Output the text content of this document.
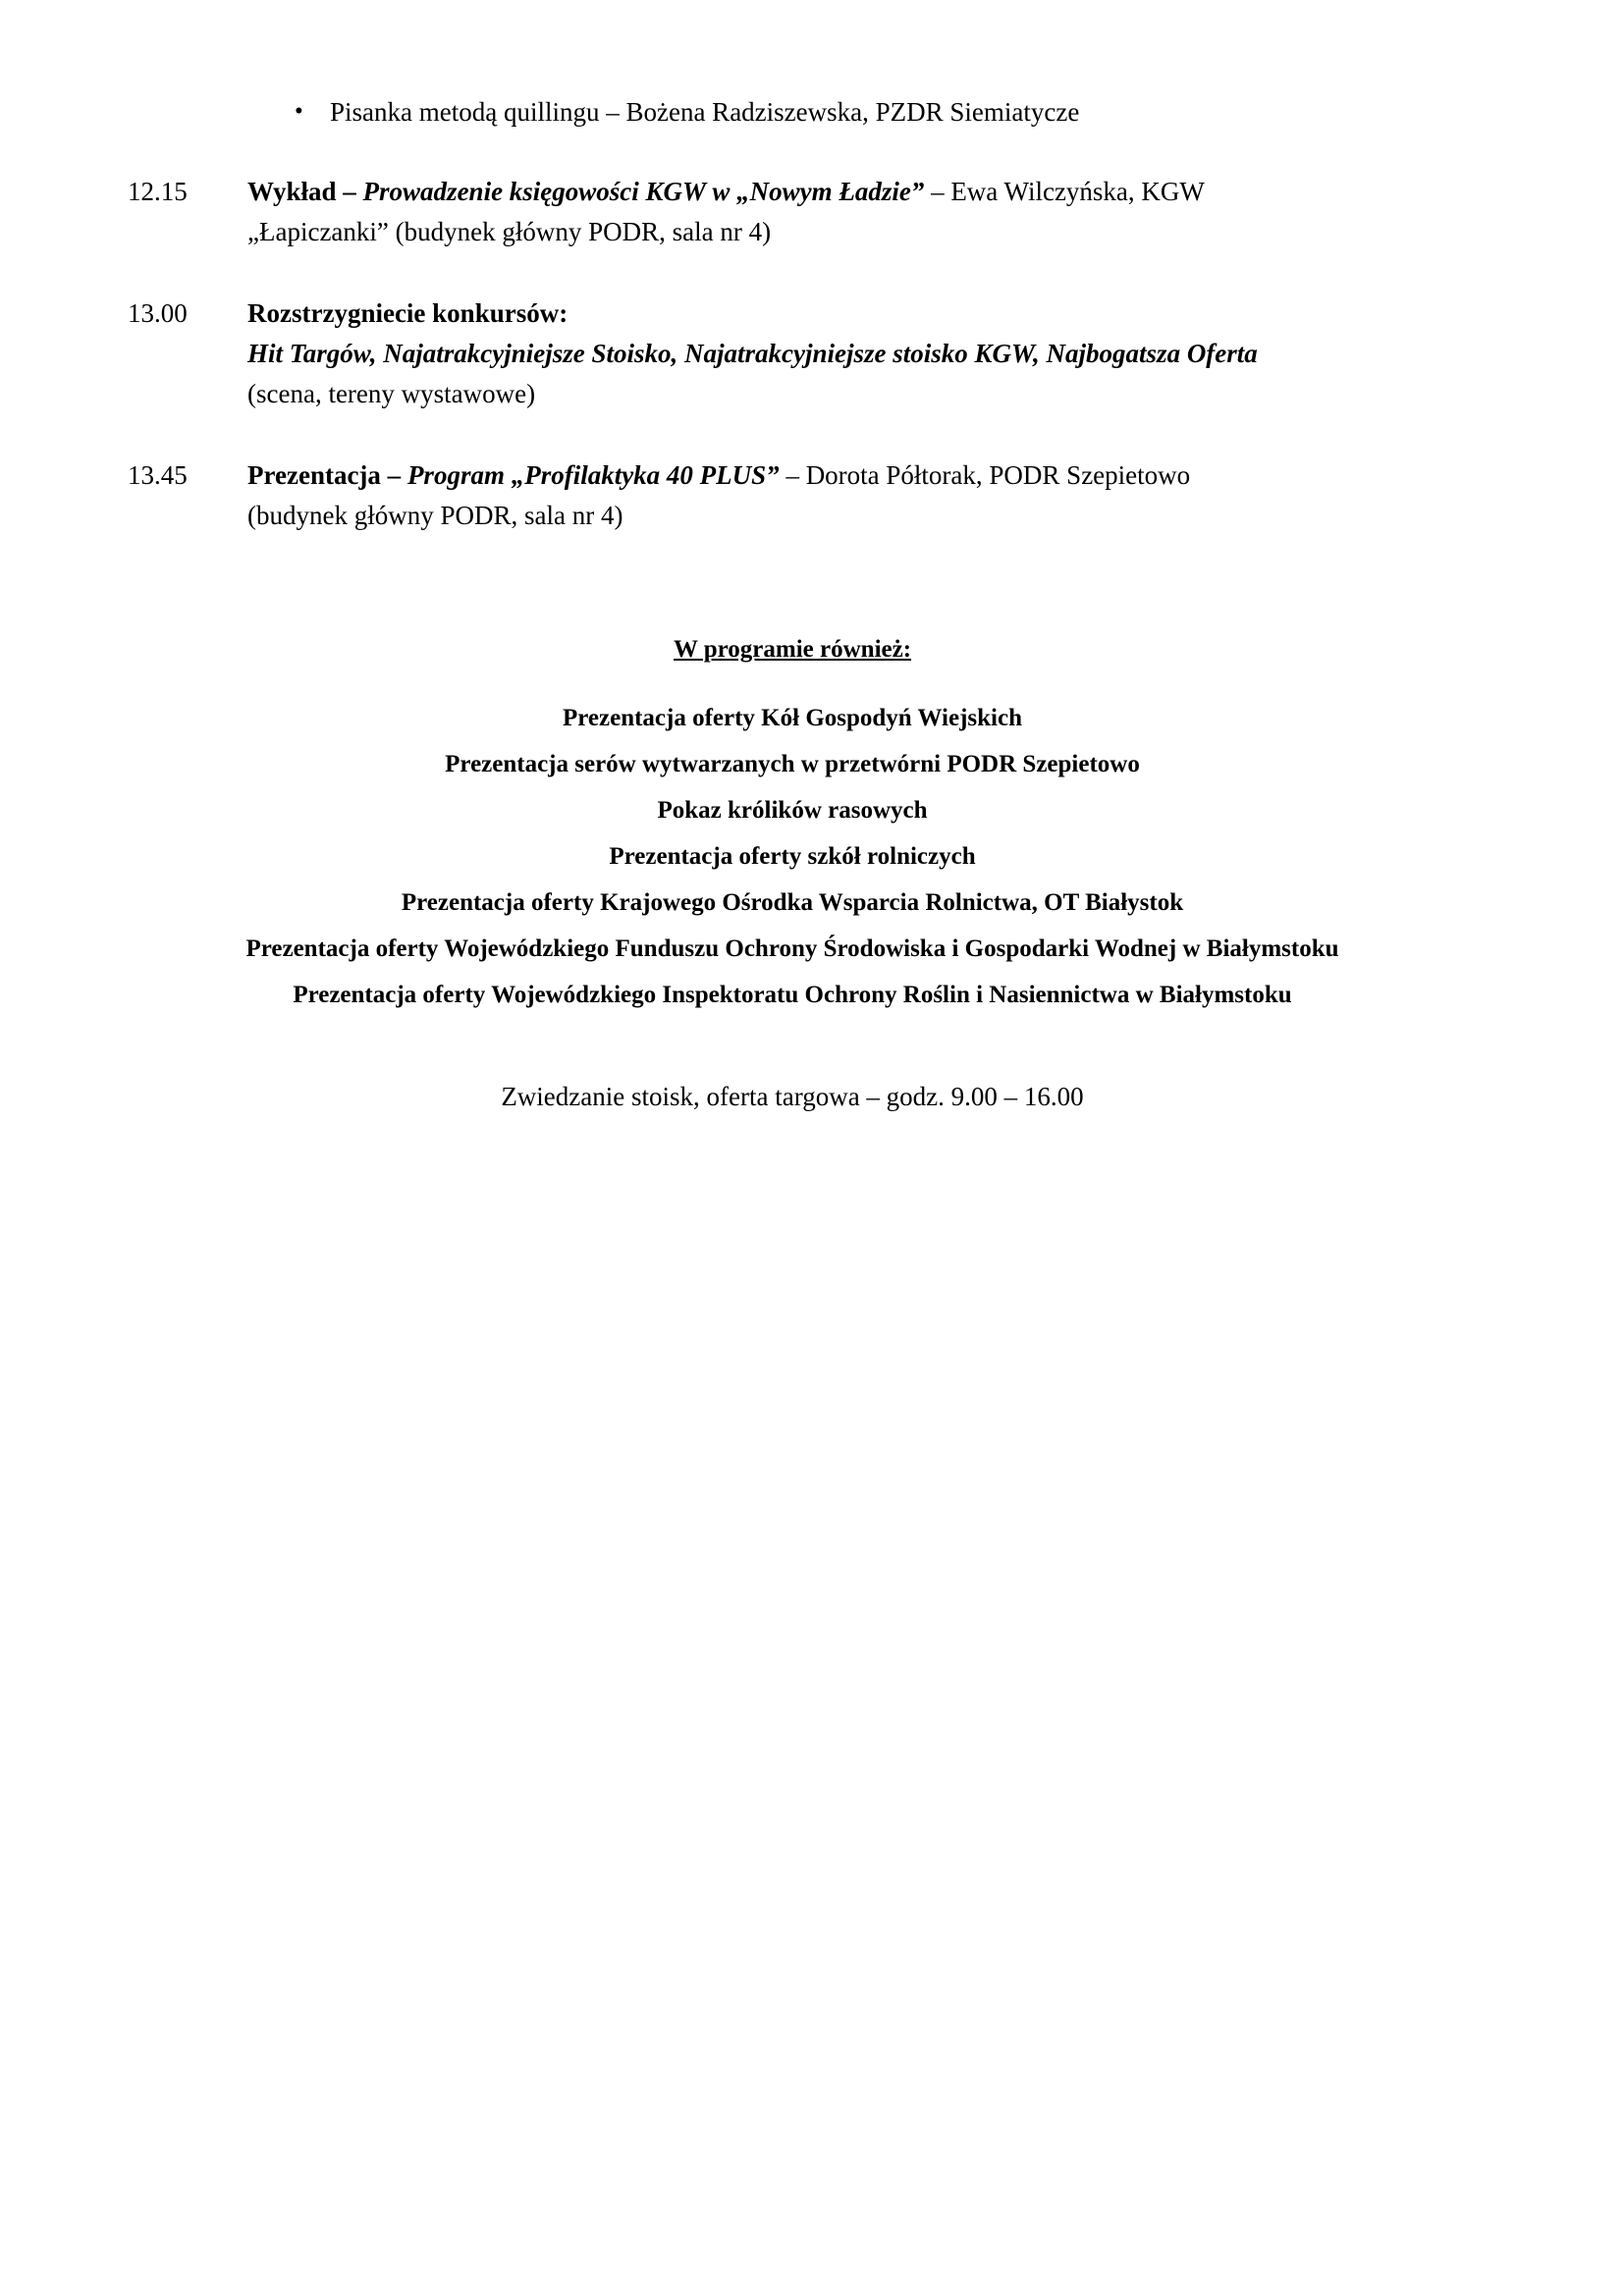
•	Pisanka metodą quillingu – Bożena Radziszewska, PZDR Siemiatycze
12.15	Wykład – Prowadzenie księgowości KGW w „Nowym Ładzie” – Ewa Wilczyńska, KGW
„Łapiczanki” (budynek główny PODR, sala nr 4)
13.00	Rozstrzygniecie konkursów:
Hit Targów, Najatrakcyjniejsze Stoisko, Najatrakcyjniejsze stoisko KGW, Najbogatsza Oferta
(scena, tereny wystawowe)
13.45	Prezentacja – Program „Profilaktyka 40 PLUS” – Dorota Półtorak, PODR Szepietowo
(budynek główny PODR, sala nr 4)
W programie również:
Prezentacja oferty Kół Gospodyń Wiejskich
Prezentacja serów wytwarzanych w przetwórni PODR Szepietowo
Pokaz królików rasowych
Prezentacja oferty szkół rolniczych
Prezentacja oferty Krajowego Ośrodka Wsparcia Rolnictwa, OT Białystok
Prezentacja oferty Wojewódzkiego Funduszu Ochrony Środowiska i Gospodarki Wodnej w Białymstoku
Prezentacja oferty Wojewódzkiego Inspektoratu Ochrony Roślin i Nasiennictwa w Białymstoku
Zwiedzanie stoisk, oferta targowa – godz. 9.00 – 16.00
